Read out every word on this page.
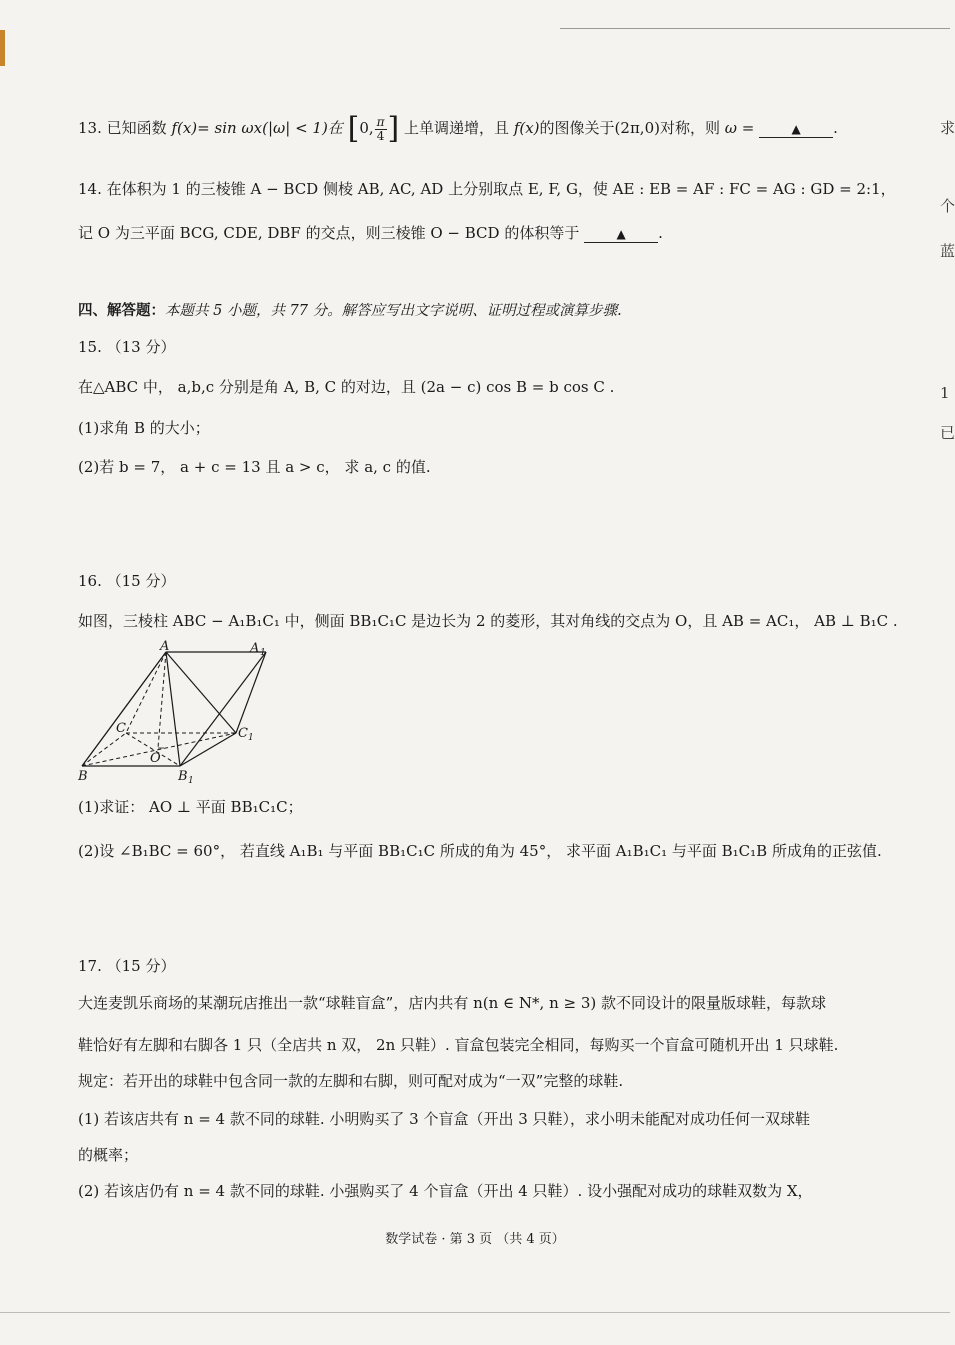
求
个
蓝
1
已
13. 已知函数 f(x)= sin ωx(|ω| < 1)在 [0, $\frac{\pi}{4}$ ] 上单调递增，且 f(x)的图像关于(2π,0)对称，则 ω =	▲ .
14. 在体积为 1 的三棱锥 A − BCD 侧棱 AB, AC, AD 上分别取点 E, F, G，使 AE : EB = AF : FC = AG : GD = 2:1，
记 O 为三平面 BCG, CDE, DBF 的交点，则三棱锥 O − BCD 的体积等于	▲ .
四、解答题：本题共 5 小题，共 77 分。解答应写出文字说明、证明过程或演算步骤.
15. （13 分）
在△ABC 中， a,b,c 分别是角 A, B, C 的对边，且 (2a − c) cos B = b cos C .
(1)求角 B 的大小；
(2)若 b = 7， a + c = 13 且 a > c， 求 a, c 的值.
16. （15 分）
如图，三棱柱 ABC − A₁B₁C₁ 中，侧面 BB₁C₁C 是边长为 2 的菱形，其对角线的交点为 O，且 AB = AC₁， AB ⊥ B₁C .
A	A 1
C	C 1
O
B	B 1
(1)求证： AO ⊥ 平面 BB₁C₁C；
(2)设 ∠B₁BC = 60°， 若直线 A₁B₁ 与平面 BB₁C₁C 所成的角为 45°， 求平面 A₁B₁C₁ 与平面 B₁C₁B 所成角的正弦值.
17. （15 分）
大连麦凯乐商场的某潮玩店推出一款“球鞋盲盒”，店内共有 n(n ∈ N*, n ≥ 3) 款不同设计的限量版球鞋，每款球
鞋恰好有左脚和右脚各 1 只（全店共 n 双， 2n 只鞋）. 盲盒包装完全相同，每购买一个盲盒可随机开出 1 只球鞋.
规定：若开出的球鞋中包含同一款的左脚和右脚，则可配对成为“一双”完整的球鞋.
(1) 若该店共有 n = 4 款不同的球鞋. 小明购买了 3 个盲盒（开出 3 只鞋），求小明未能配对成功任何一双球鞋
的概率；
(2) 若该店仍有 n = 4 款不同的球鞋. 小强购买了 4 个盲盒（开出 4 只鞋）. 设小强配对成功的球鞋双数为 X，
数学试卷 · 第 3 页 （共 4 页）
